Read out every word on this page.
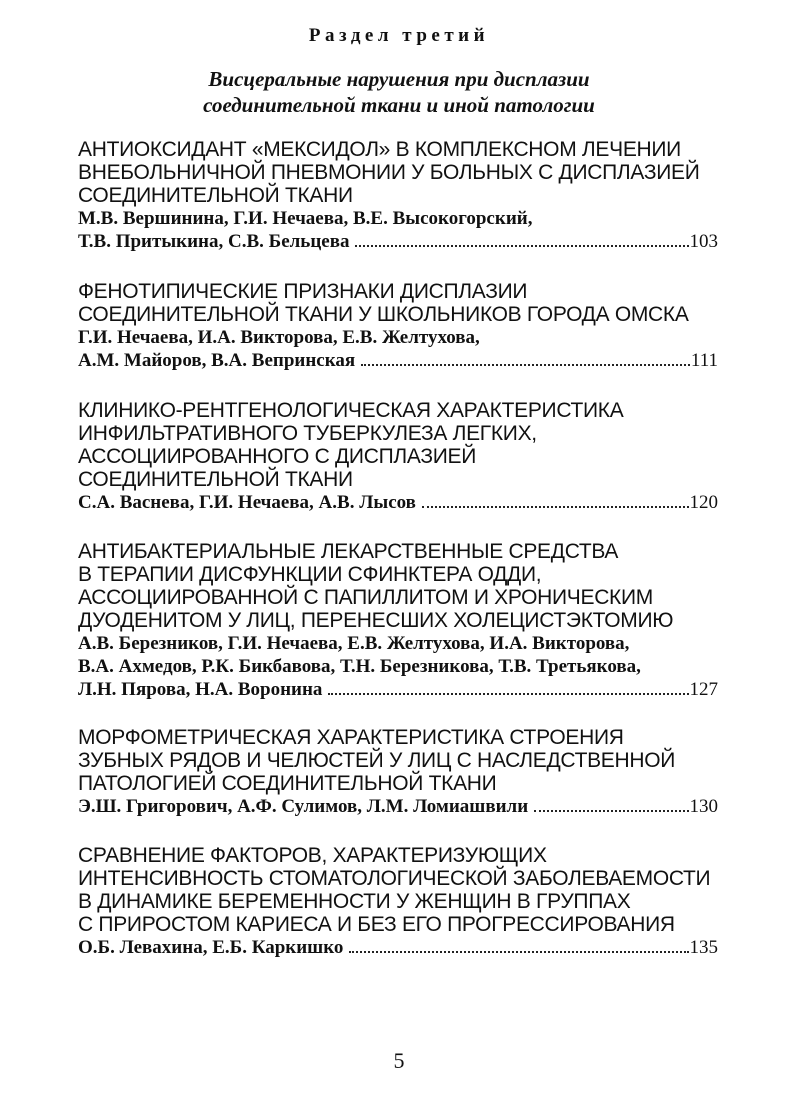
Раздел третий
Висцеральные нарушения при дисплазии
соединительной ткани и иной патологии
АНТИОКСИДАНТ «МЕКСИДОЛ» В КОМПЛЕКСНОМ ЛЕЧЕНИИ
ВНЕБОЛЬНИЧНОЙ ПНЕВМОНИИ У БОЛЬНЫХ С ДИСПЛАЗИЕЙ
СОЕДИНИТЕЛЬНОЙ ТКАНИ
М.В. Вершинина, Г.И. Нечаева, В.Е. Высокогорский,
Т.В. Притыкина, С.В. Бельцева	103
ФЕНОТИПИЧЕСКИЕ ПРИЗНАКИ ДИСПЛАЗИИ
СОЕДИНИТЕЛЬНОЙ ТКАНИ У ШКОЛЬНИКОВ ГОРОДА ОМСКА
Г.И. Нечаева, И.А. Викторова, Е.В. Желтухова,
А.М. Майоров, В.А. Вепринская	111
КЛИНИКО-РЕНТГЕНОЛОГИЧЕСКАЯ ХАРАКТЕРИСТИКА
ИНФИЛЬТРАТИВНОГО ТУБЕРКУЛЕЗА ЛЕГКИХ,
АССОЦИИРОВАННОГО С ДИСПЛАЗИЕЙ
СОЕДИНИТЕЛЬНОЙ ТКАНИ
С.А. Васнева, Г.И. Нечаева, А.В. Лысов	120
АНТИБАКТЕРИАЛЬНЫЕ ЛЕКАРСТВЕННЫЕ СРЕДСТВА
В ТЕРАПИИ ДИСФУНКЦИИ СФИНКТЕРА ОДДИ,
АССОЦИИРОВАННОЙ С ПАПИЛЛИТОМ И ХРОНИЧЕСКИМ
ДУОДЕНИТОМ У ЛИЦ, ПЕРЕНЕСШИХ ХОЛЕЦИСТЭКТОМИЮ
А.В. Березников, Г.И. Нечаева, Е.В. Желтухова, И.А. Викторова,
В.А. Ахмедов, Р.К. Бикбавова, Т.Н. Березникова, Т.В. Третьякова,
Л.Н. Пярова, Н.А. Воронина	127
МОРФОМЕТРИЧЕСКАЯ ХАРАКТЕРИСТИКА СТРОЕНИЯ
ЗУБНЫХ РЯДОВ И ЧЕЛЮСТЕЙ У ЛИЦ С НАСЛЕДСТВЕННОЙ
ПАТОЛОГИЕЙ СОЕДИНИТЕЛЬНОЙ ТКАНИ
Э.Ш. Григорович, А.Ф. Сулимов, Л.М. Ломиашвили	130
СРАВНЕНИЕ ФАКТОРОВ, ХАРАКТЕРИЗУЮЩИХ
ИНТЕНСИВНОСТЬ СТОМАТОЛОГИЧЕСКОЙ ЗАБОЛЕВАЕМОСТИ
В ДИНАМИКЕ БЕРЕМЕННОСТИ У ЖЕНЩИН В ГРУППАХ
С ПРИРОСТОМ КАРИЕСА И БЕЗ ЕГО ПРОГРЕССИРОВАНИЯ
О.Б. Левахина, Е.Б. Каркишко	135
5
